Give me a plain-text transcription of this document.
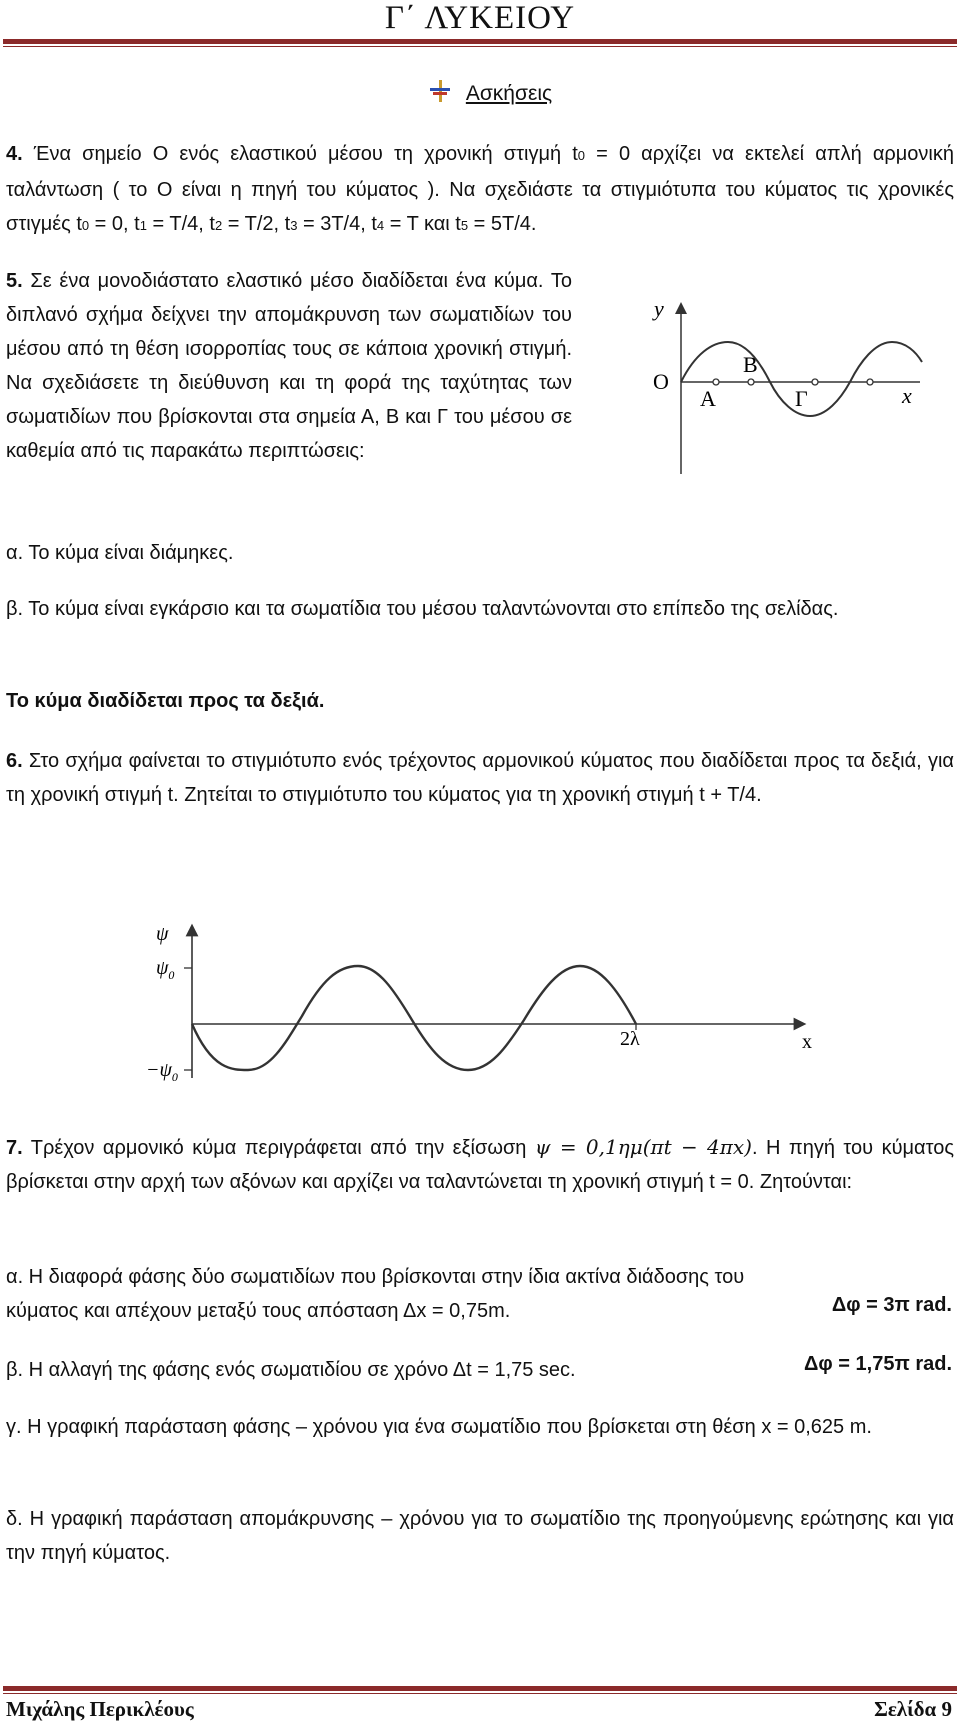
Γ΄ ΛΥΚΕΙΟΥ
Ασκήσεις
4. Ένα σημείο Ο ενός ελαστικού μέσου τη χρονική στιγμή t0 = 0 αρχίζει να εκτελεί απλή αρμονική ταλάντωση ( το Ο είναι η πηγή του κύματος ). Να σχεδιάστε τα στιγμιότυπα του κύματος τις χρονικές στιγμές t0 = 0, t1 = T/4, t2 = T/2, t3 = 3T/4, t4 = T και t5 = 5T/4.
5. Σε ένα μονοδιάστατο ελαστικό μέσο διαδίδεται ένα κύμα. Το διπλανό σχήμα δείχνει την απομάκρυνση των σωματιδίων του μέσου από τη θέση ισορροπίας τους σε κάποια χρονική στιγμή. Να σχεδιάσετε τη διεύθυνση και τη φορά της ταχύτητας των σωματιδίων που βρίσκονται στα σημεία Α, Β και Γ του μέσου σε καθεμία από τις παρακάτω περιπτώσεις:
y
O
x
A
B
Γ
α. Το κύμα είναι διάμηκες.
β. Το κύμα είναι εγκάρσιο και τα σωματίδια του μέσου ταλαντώνονται στο επίπεδο της σελίδας.
Το κύμα διαδίδεται προς τα δεξιά.
6. Στο σχήμα φαίνεται το στιγμιότυπο ενός τρέχοντος αρμονικού κύματος που διαδίδεται προς τα δεξιά, για τη χρονική στιγμή t. Ζητείται το στιγμιότυπο του κύματος για τη χρονική στιγμή t + T/4.
ψ
$\psi_0$
$-\psi_0$
2λ	x
7. Τρέχον αρμονικό κύμα περιγράφεται από την εξίσωση ψ = 0,1ημ(πt − 4πx). Η πηγή του κύματος βρίσκεται στην αρχή των αξόνων και αρχίζει να ταλαντώνεται τη χρονική στιγμή t = 0. Ζητούνται:
α. Η διαφορά φάσης δύο σωματιδίων που βρίσκονται στην ίδια ακτίνα διάδοσης του κύματος και απέχουν μεταξύ τους απόσταση Δx = 0,75m.	Δφ = 3π rad.
β. Η αλλαγή της φάσης ενός σωματιδίου σε χρόνο Δt = 1,75 sec.	Δφ = 1,75π rad.
γ. Η γραφική παράσταση φάσης – χρόνου για ένα σωματίδιο που βρίσκεται στη θέση x = 0,625 m.
δ. Η γραφική παράσταση απομάκρυνσης – χρόνου για το σωματίδιο της προηγούμενης ερώτησης και για την πηγή κύματος.
Μιχάλης Περικλέους	Σελίδα 9
